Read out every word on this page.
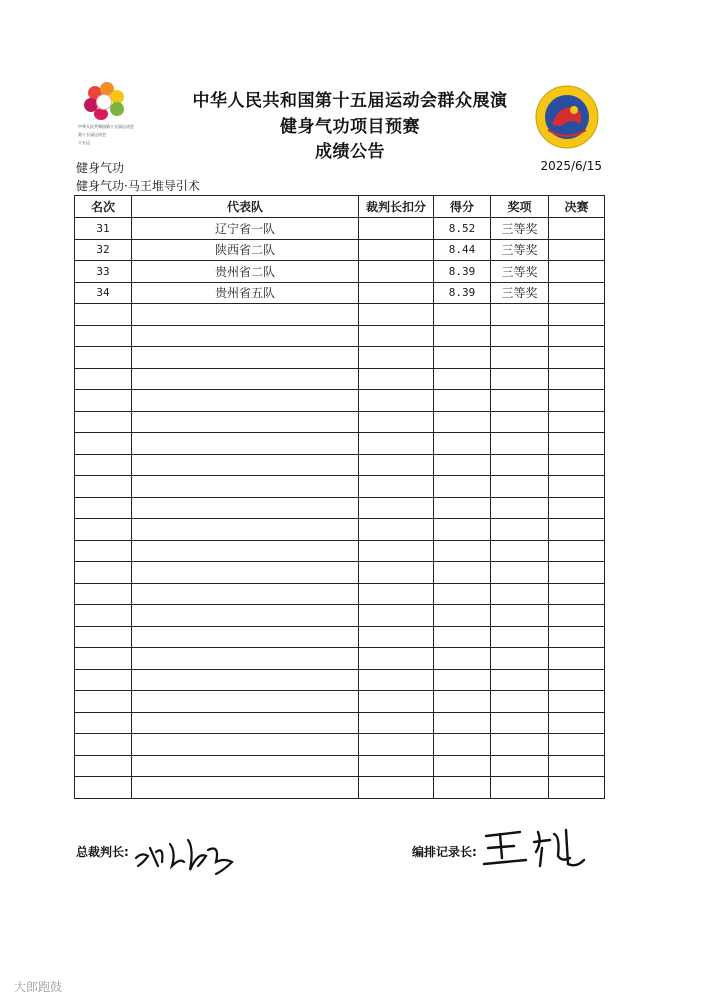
中华人民共和国第十五届运动会
第十五届运动会
十五运
中华人民共和国第十五届运动会群众展演
健身气功项目预赛
成绩公告
健身气功
健身气功·马王堆导引术
2025/6/15
名次	代表队	裁判长扣分	得分	奖项	决赛
31	辽宁省一队		8.52	三等奖	
32	陕西省二队		8.44	三等奖	
33	贵州省二队		8.39	三等奖	
34	贵州省五队		8.39	三等奖	

总裁判长:	编排记录长:
大郎跑鼓
